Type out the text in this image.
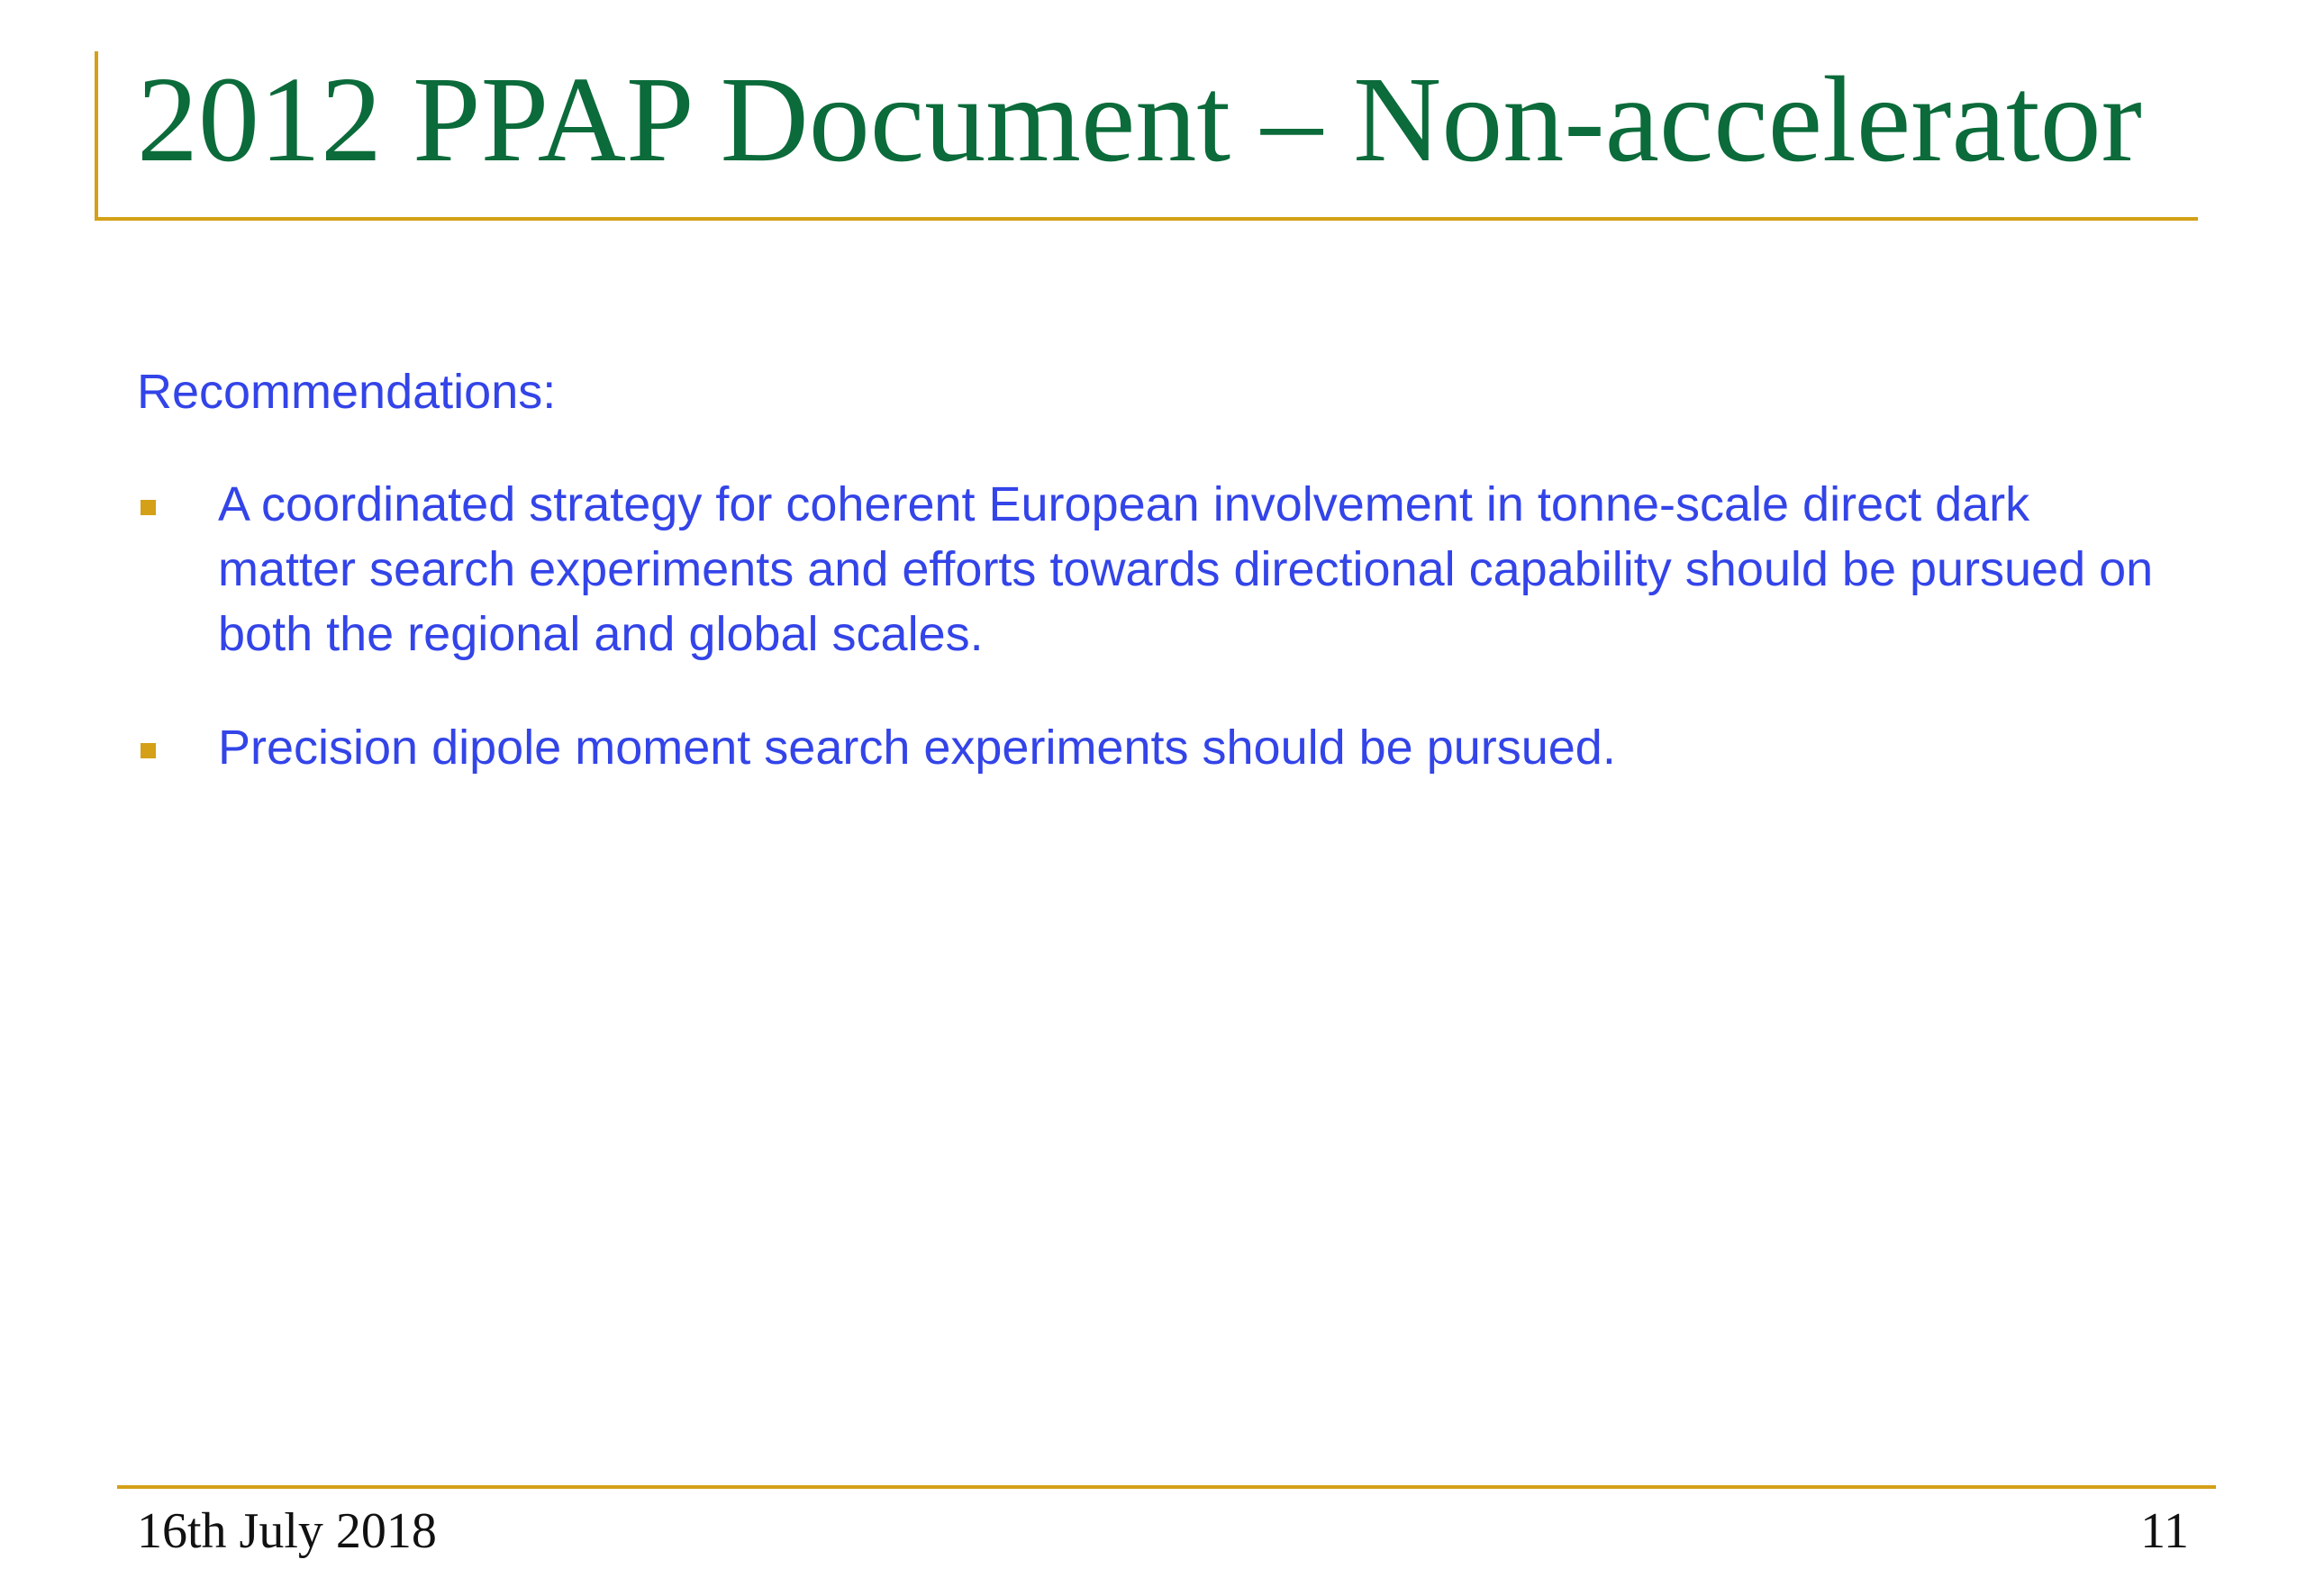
2012 PPAP Document – Non-accelerator

Recommendations:

A coordinated strategy for coherent European involvement in tonne-scale direct dark matter search experiments and efforts towards directional capability should be pursued on both the regional and global scales.
Precision dipole moment search experiments should be pursued.
16th July 2018	11
